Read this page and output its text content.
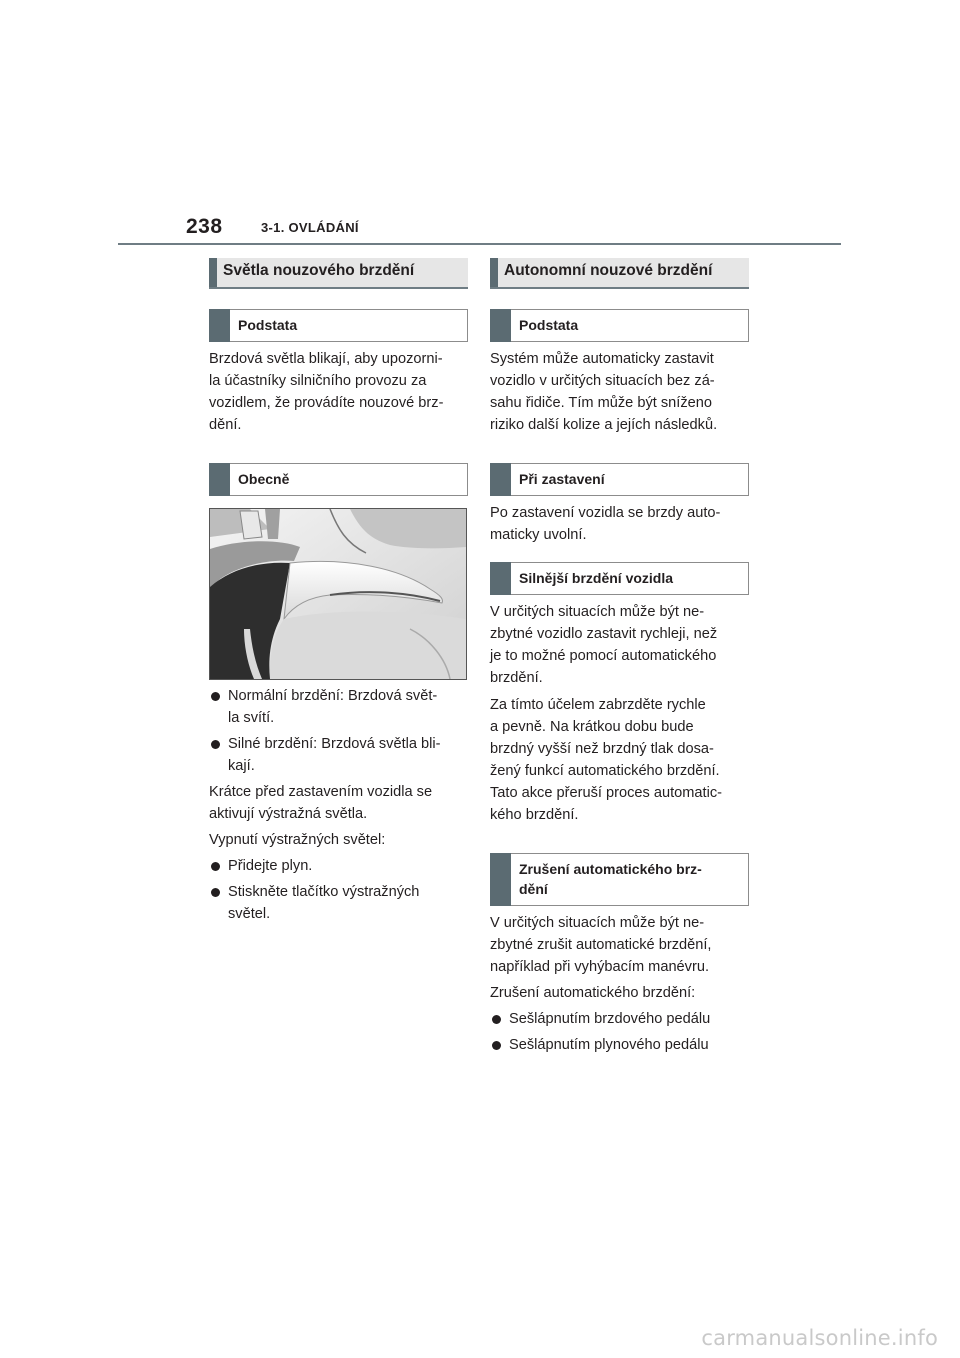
238	3-1. OVLÁDÁNÍ
Světla nouzového brzdění
Podstata

Brzdová světla blikají, aby upozorni-
la účastníky silničního provozu za
vozidlem, že provádíte nouzové brz-
dění.

Obecně

Normální brzdění: Brzdová svět-
la svítí.

Silné brzdění: Brzdová světla bli-
kají.

Krátce před zastavením vozidla se
aktivují výstražná světla.

Vypnutí výstražných světel:

Přidejte plyn.

Stiskněte tlačítko výstražných
světel.

Autonomní nouzové brzdění
Podstata

Systém může automaticky zastavit
vozidlo v určitých situacích bez zá-
sahu řidiče. Tím může být sníženo
riziko další kolize a jejích následků.

Při zastavení

Po zastavení vozidla se brzdy auto-
maticky uvolní.

Silnější brzdění vozidla

V určitých situacích může být ne-
zbytné vozidlo zastavit rychleji, než
je to možné pomocí automatického
brzdění.

Za tímto účelem zabrzděte rychle
a pevně. Na krátkou dobu bude
brzdný vyšší než brzdný tlak dosa-
žený funkcí automatického brzdění.
Tato akce přeruší proces automatic-
kého brzdění.

Zrušení automatického brz-
dění

V určitých situacích může být ne-
zbytné zrušit automatické brzdění,
například při vyhýbacím manévru.

Zrušení automatického brzdění:

Sešlápnutím brzdového pedálu

Sešlápnutím plynového pedálu

carmanualsonline.info
